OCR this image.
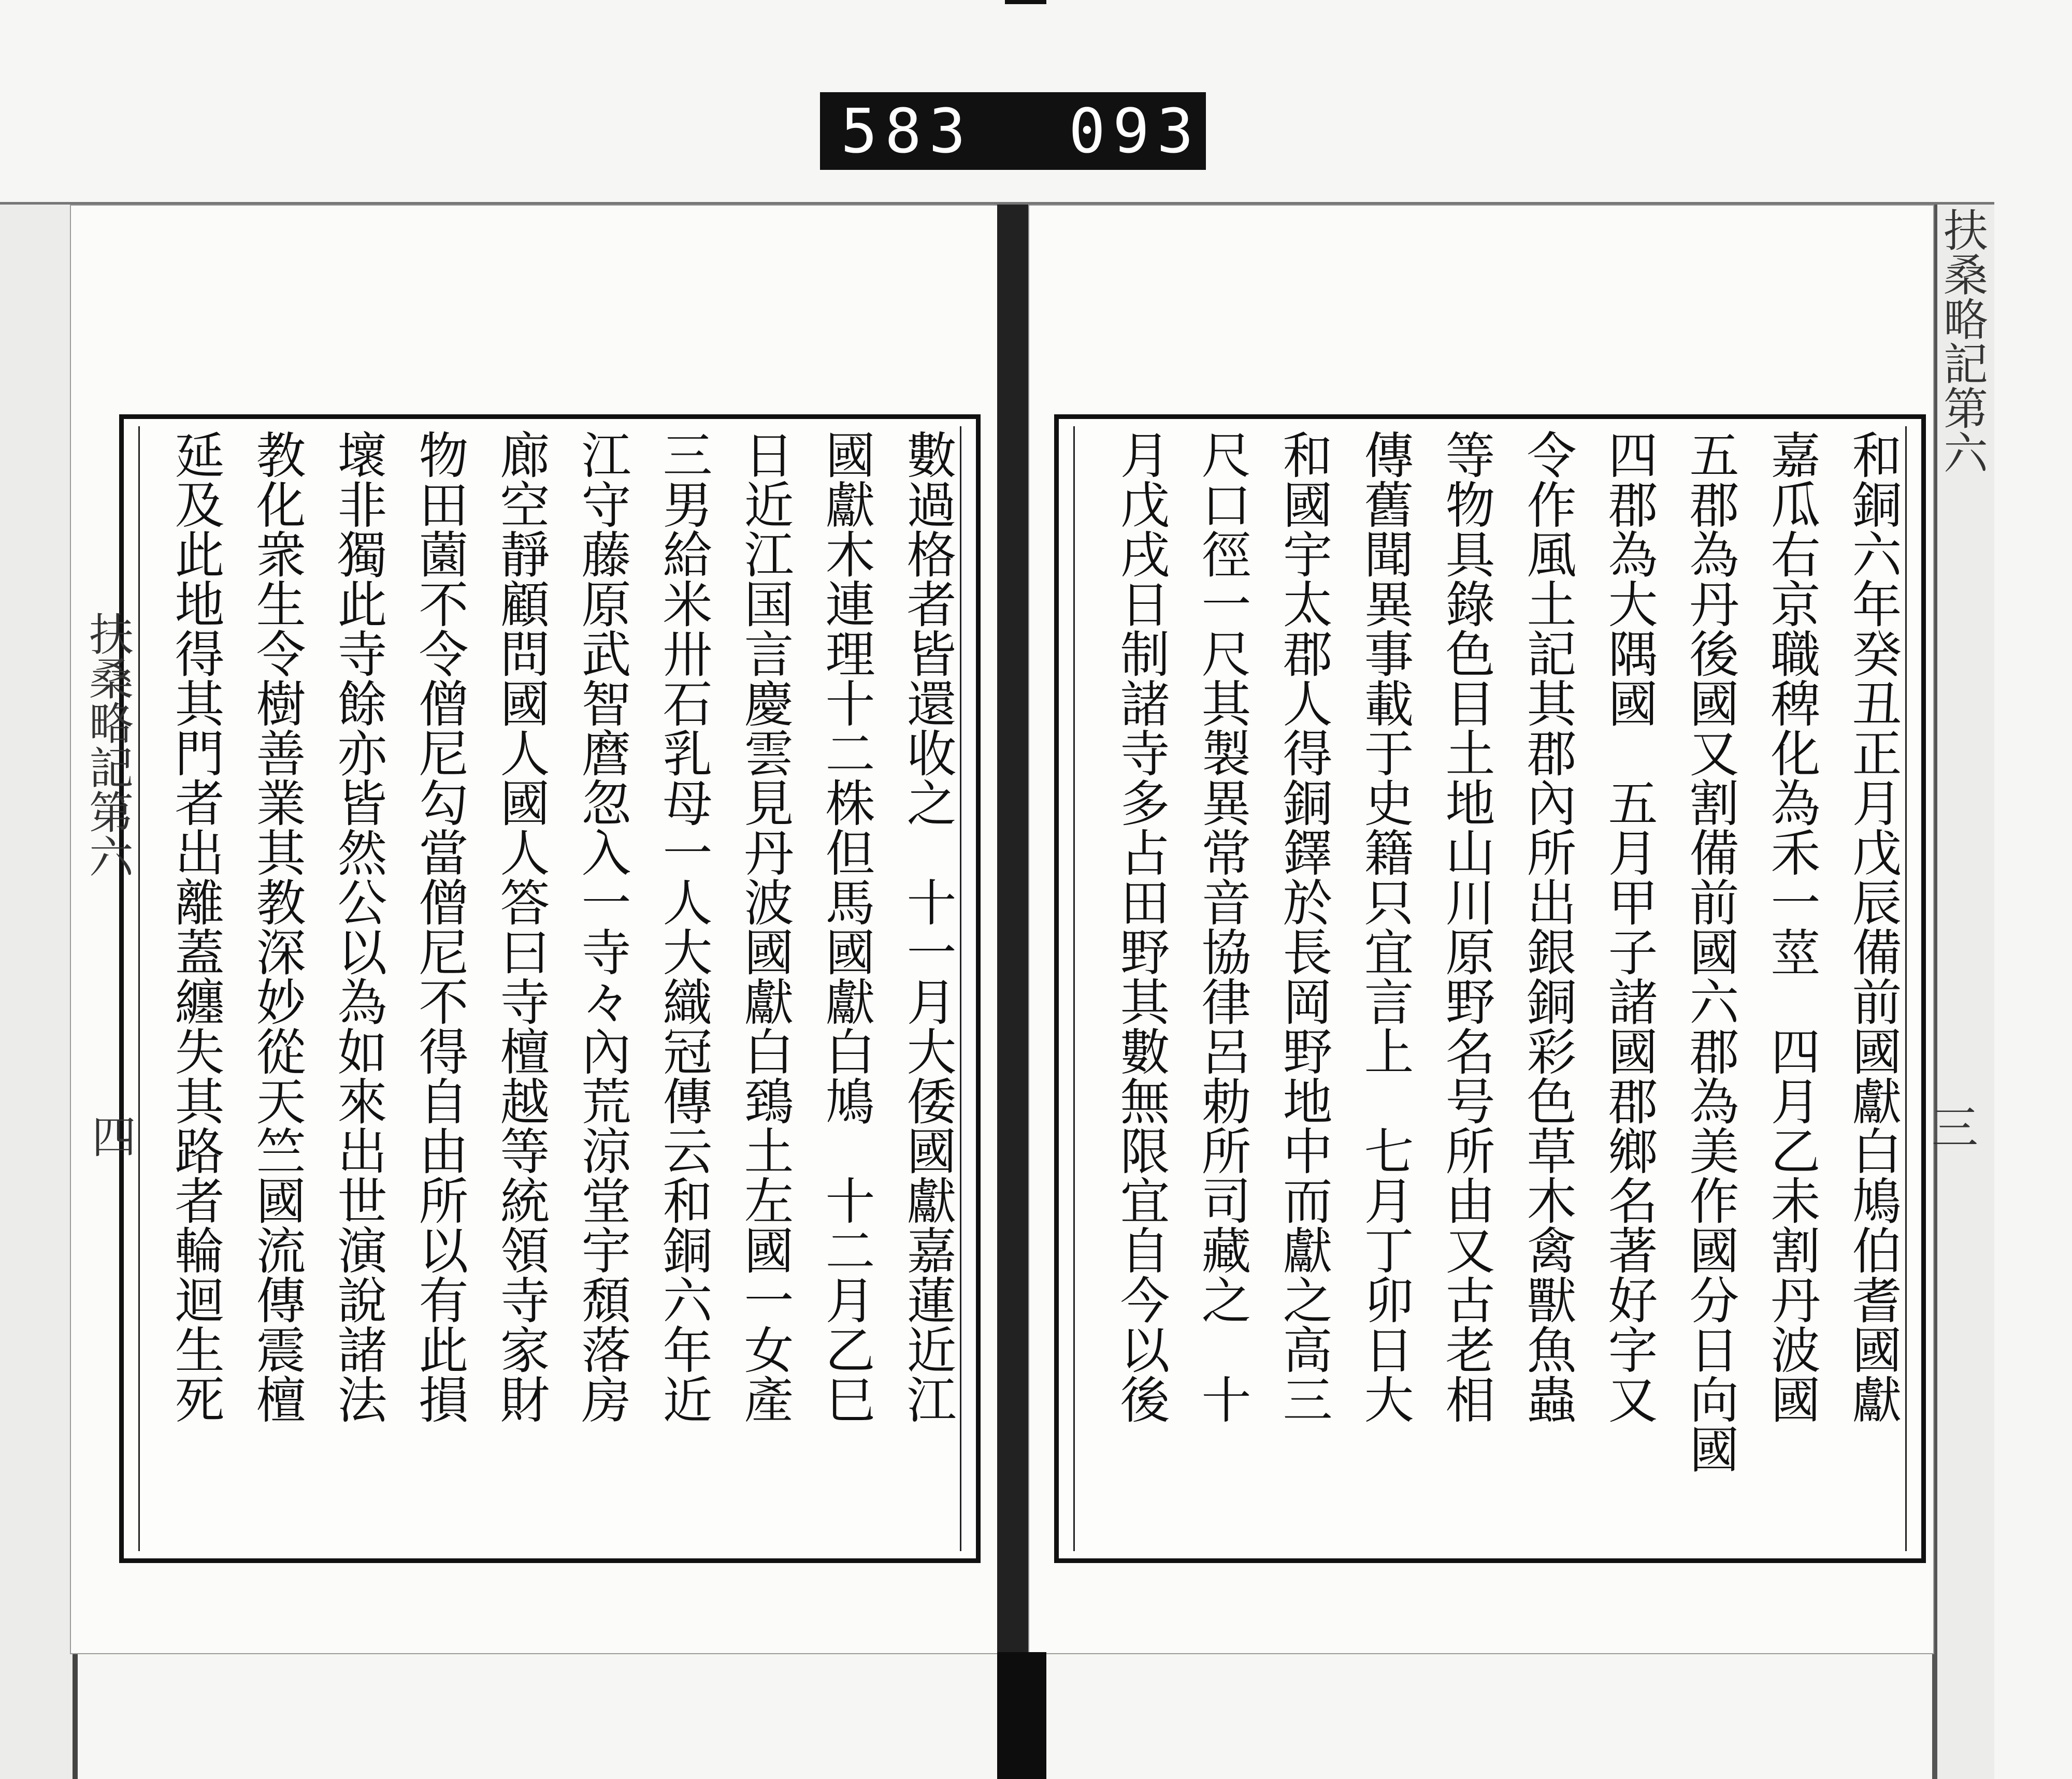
583 093
數過格者皆還收之　十一月大倭國獻嘉蓮近江
國獻木連理十二株但馬國獻白鳩　十二月乙巳
日近江国言慶雲見丹波國獻白鵄土左國一女產
三男給米卅石乳母一人大織冠傳云和銅六年近
江守藤原武智麿忽入一寺々內荒涼堂宇頹落房
廊空靜顧問國人國人答曰寺檀越等統領寺家財
物田薗不令僧尼勾當僧尼不得自由所以有此損
壞非獨此寺餘亦皆然公以為如來出世演說諸法
教化衆生令樹善業其教深妙從天竺國流傳震檀
延及此地得其門者出離蓋纏失其路者輪迴生死	和銅六年癸丑正月戊辰備前國獻白鳩伯耆國獻
嘉瓜右京職稗化為禾一莖　四月乙未割丹波國
五郡為丹後國又割備前國六郡為美作國分日向國
四郡為大隅國　五月甲子諸國郡鄉名著好字又
令作風土記其郡內所出銀銅彩色草木禽獸魚蟲
等物具錄色目土地山川原野名号所由又古老相
傳舊聞異事載于史籍只宜言上　七月丁卯日大
和國宇太郡人得銅鐸於長岡野地中而獻之高三
尺口徑一尺其製異常音協律呂勅所司藏之　十
月戊戌日制諸寺多占田野其數無限宜自今以後
扶桑略記第六
四
扶桑略記第六
三
